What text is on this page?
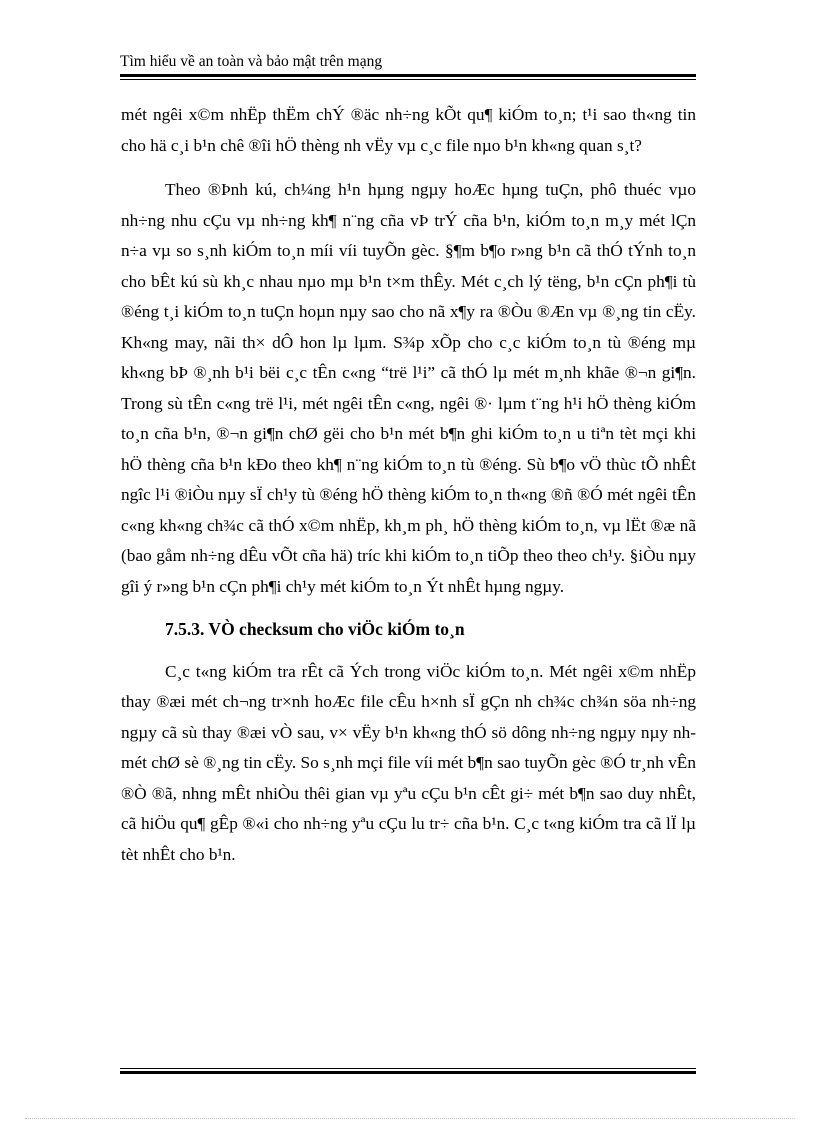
Tìm hiểu về an toàn và bảo mật trên mạng

mét ngêi x©m nhËp thËm chÝ ®äc nh÷ng kÕt qu¶ kiÓm to¸n; t¹i sao th«ng tin cho hä c¸i b¹n chê ®îi hÖ thèng nh vËy vµ c¸c file nµo b¹n kh«ng quan s¸t?

Theo ®Þnh kú, ch¼ng h¹n hµng ngµy hoÆc hµng tuÇn, phô thuéc vµo nh÷ng nhu cÇu vµ nh÷ng kh¶ n¨ng cña vÞ trÝ cña b¹n, kiÓm to¸n m¸y mét lÇn n÷a vµ so s¸nh kiÓm to¸n míi víi tuyÕn gèc. §¶m b¶o r»ng b¹n cã thÓ tÝnh to¸n cho bÊt kú sù kh¸c nhau nµo mµ b¹n t×m thÊy. Mét c¸ch lý tëng, b¹n cÇn ph¶i tù ®éng t¸i kiÓm to¸n tuÇn hoµn nµy sao cho nã x¶y ra ®Òu ®Æn vµ ®¸ng tin cËy. Kh«ng may, nãi th× dÔ hon lµ lµm. S¾p xÕp cho c¸c kiÓm to¸n tù ®éng mµ kh«ng bÞ ®¸nh b¹i bëi c¸c tÊn c«ng “trë l¹i” cã thÓ lµ mét m¸nh khãe ®¬n gi¶n. Trong sù tÊn c«ng trë l¹i, mét ngêi tÊn c«ng, ngêi ®· lµm t¨ng h¹i hÖ thèng kiÓm to¸n cña b¹n, ®¬n gi¶n chØ gëi cho b¹n mét b¶n ghi kiÓm to¸n u tiªn tèt mçi khi hÖ thèng cña b¹n kÐo theo kh¶ n¨ng kiÓm to¸n tù ®éng. Sù b¶o vÖ thùc tÕ nhÊt ngîc l¹i ®iÒu nµy sÏ ch¹y tù ®éng hÖ thèng kiÓm to¸n th«ng ®ñ ®Ó mét ngêi tÊn c«ng kh«ng ch¾c cã thÓ x©m nhËp, kh¸m ph¸ hÖ thèng kiÓm to¸n, vµ lËt ®æ nã (bao gåm nh÷ng dÊu vÕt cña hä) tríc khi kiÓm to¸n tiÕp theo theo ch¹y. §iÒu nµy gîi ý r»ng b¹n cÇn ph¶i ch¹y mét kiÓm to¸n Ýt nhÊt hµng ngµy.

7.5.3. VÒ checksum cho viÖc kiÓm to¸n

C¸c t«ng kiÓm tra rÊt cã Ých trong viÖc kiÓm to¸n. Mét ngêi x©m nhËp thay ®æi mét ch¬ng tr×nh hoÆc file cÊu h×nh sÏ gÇn nh ch¾c ch¾n söa nh÷ng ngµy cã sù thay ®æi vÒ sau, v× vËy b¹n kh«ng thÓ sö dông nh÷ng ngµy nµy nh mét chØ sè ®¸ng tin cËy. So s¸nh mçi file víi mét b¶n sao tuyÕn gèc ®Ó tr¸nh vÊn ®Ò ®ã, nhng mÊt nhiÒu thêi gian vµ yªu cÇu b¹n cÊt gi÷ mét b¶n sao duy nhÊt, cã hiÖu qu¶ gÊp ®«i cho nh÷ng yªu cÇu lu tr÷ cña b¹n. C¸c t«ng kiÓm tra cã lÏ lµ tèt nhÊt cho b¹n.
